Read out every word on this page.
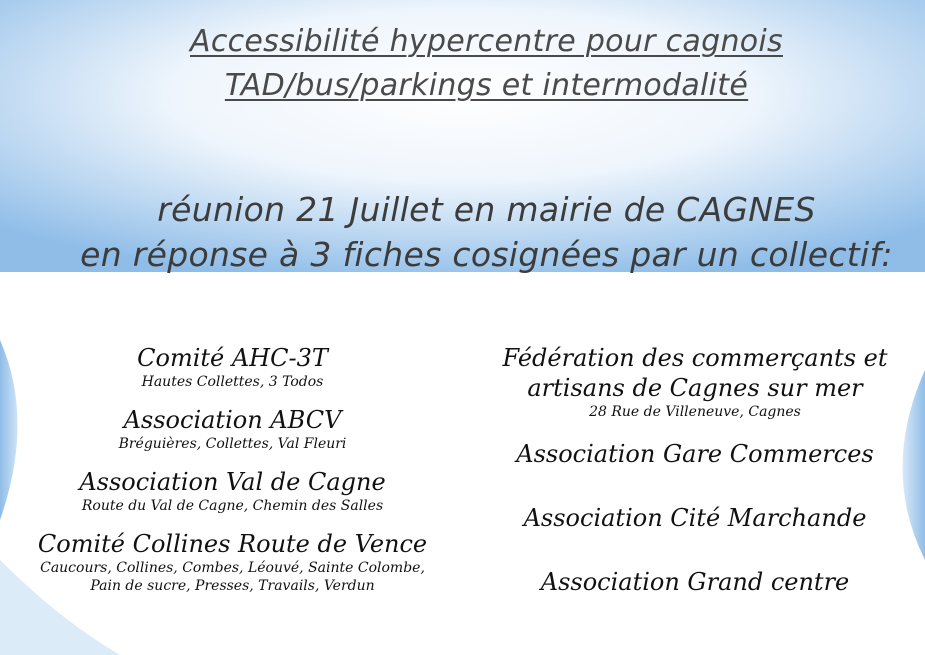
Accessibilité hypercentre pour cagnois
TAD/bus/parkings et intermodalité
réunion 21 Juillet en mairie de CAGNES
en réponse à 3 fiches cosignées par un collectif:
Comité AHC-3T
Hautes Collettes, 3 Todos
Association ABCV
Bréguières, Collettes, Val Fleuri
Association Val de Cagne
Route du Val de Cagne, Chemin des Salles
Comité Collines Route de Vence
Caucours, Collines, Combes, Léouvé, Sainte Colombe,
Pain de sucre, Presses, Travails, Verdun
Fédération des commerçants et
artisans de Cagnes sur mer
28 Rue de Villeneuve, Cagnes
Association Gare Commerces
Association Cité Marchande
Association Grand centre
